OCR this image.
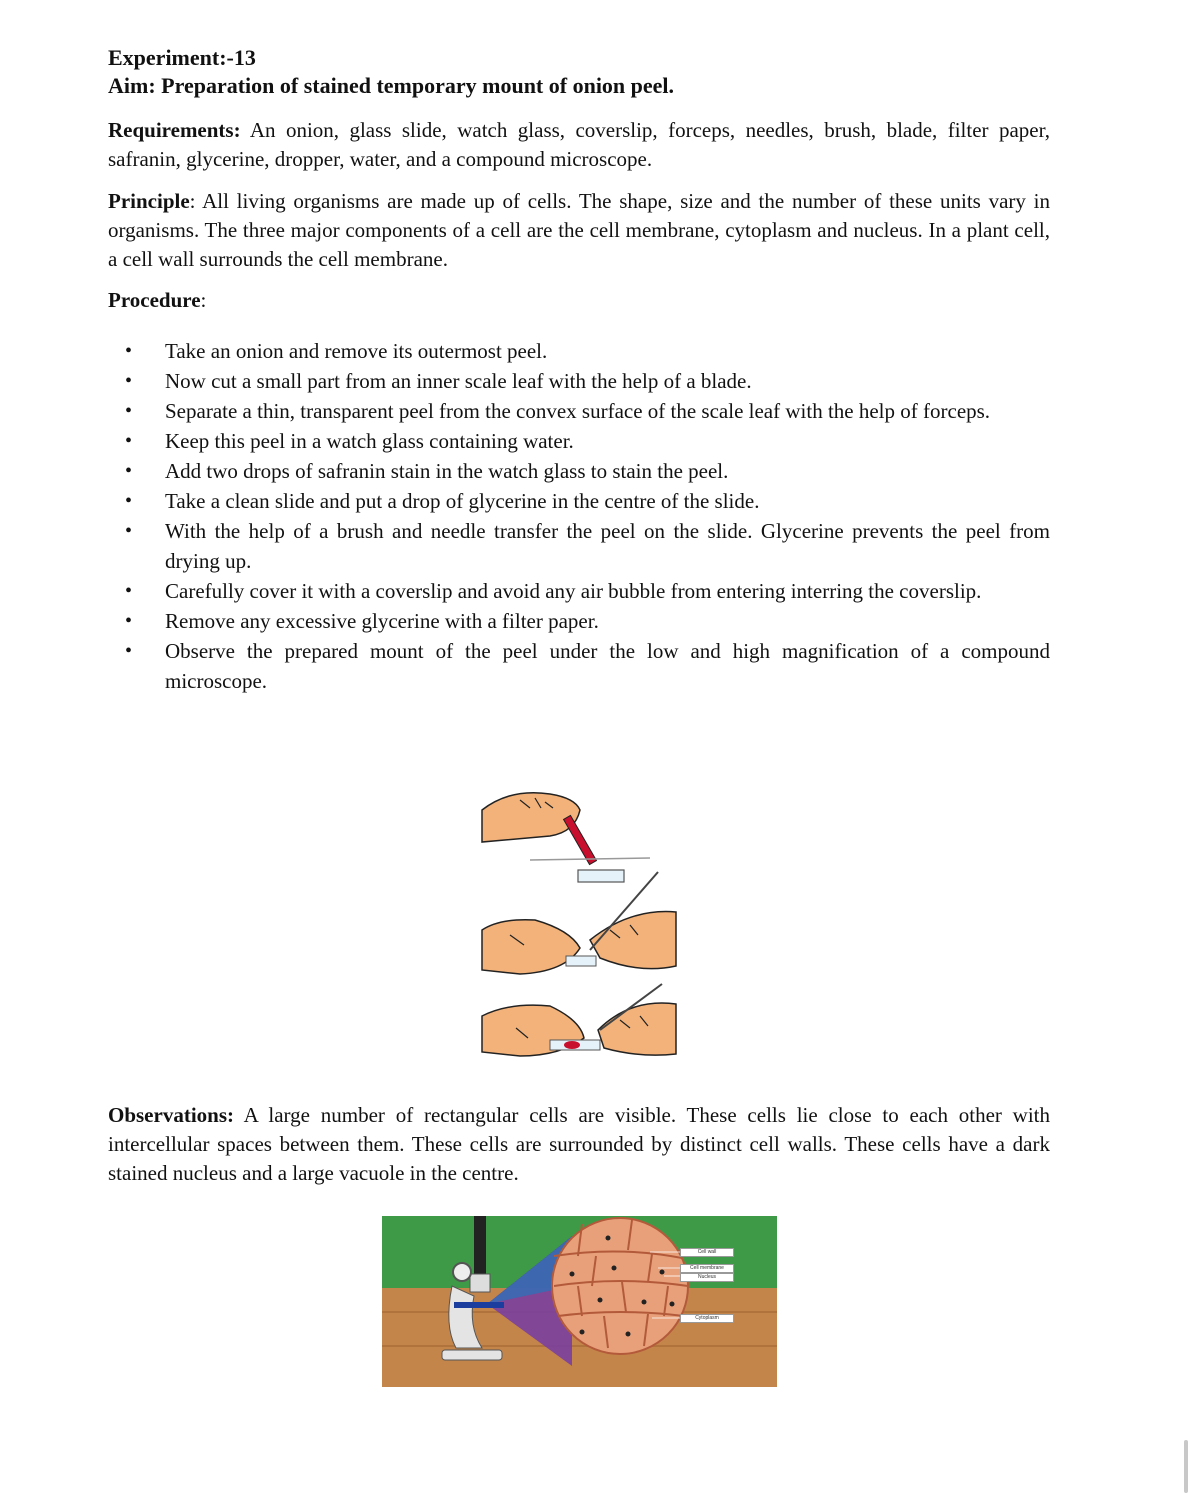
Experiment:-13

Aim: Preparation of stained temporary mount of onion peel.

Requirements: An onion, glass slide, watch glass, coverslip, forceps, needles, brush, blade, filter paper, safranin, glycerine, dropper, water, and a compound microscope.

Principle: All living organisms are made up of cells. The shape, size and the number of these units vary in organisms. The three major components of a cell are the cell membrane, cytoplasm and nucleus. In a plant cell, a cell wall surrounds the cell membrane.

Procedure:

• Take an onion and remove its outermost peel.
• Now cut a small part from an inner scale leaf with the help of a blade.
• Separate a thin, transparent peel from the convex surface of the scale leaf with the help of forceps.
• Keep this peel in a watch glass containing water.
• Add two drops of safranin stain in the watch glass to stain the peel.
• Take a clean slide and put a drop of glycerine in the centre of the slide.
• With the help of a brush and needle transfer the peel on the slide. Glycerine prevents the peel from drying up.
• Carefully cover it with a coverslip and avoid any air bubble from entering interring the coverslip.
• Remove any excessive glycerine with a filter paper.
• Observe the prepared mount of the peel under the low and high magnification of a compound microscope.

Observations: A large number of rectangular cells are visible. These cells lie close to each other with intercellular spaces between them. These cells are surrounded by distinct cell walls. These cells have a dark stained nucleus and a large vacuole in the centre.

Cell wall
Cell membrane
Nucleus
Cytoplasm
